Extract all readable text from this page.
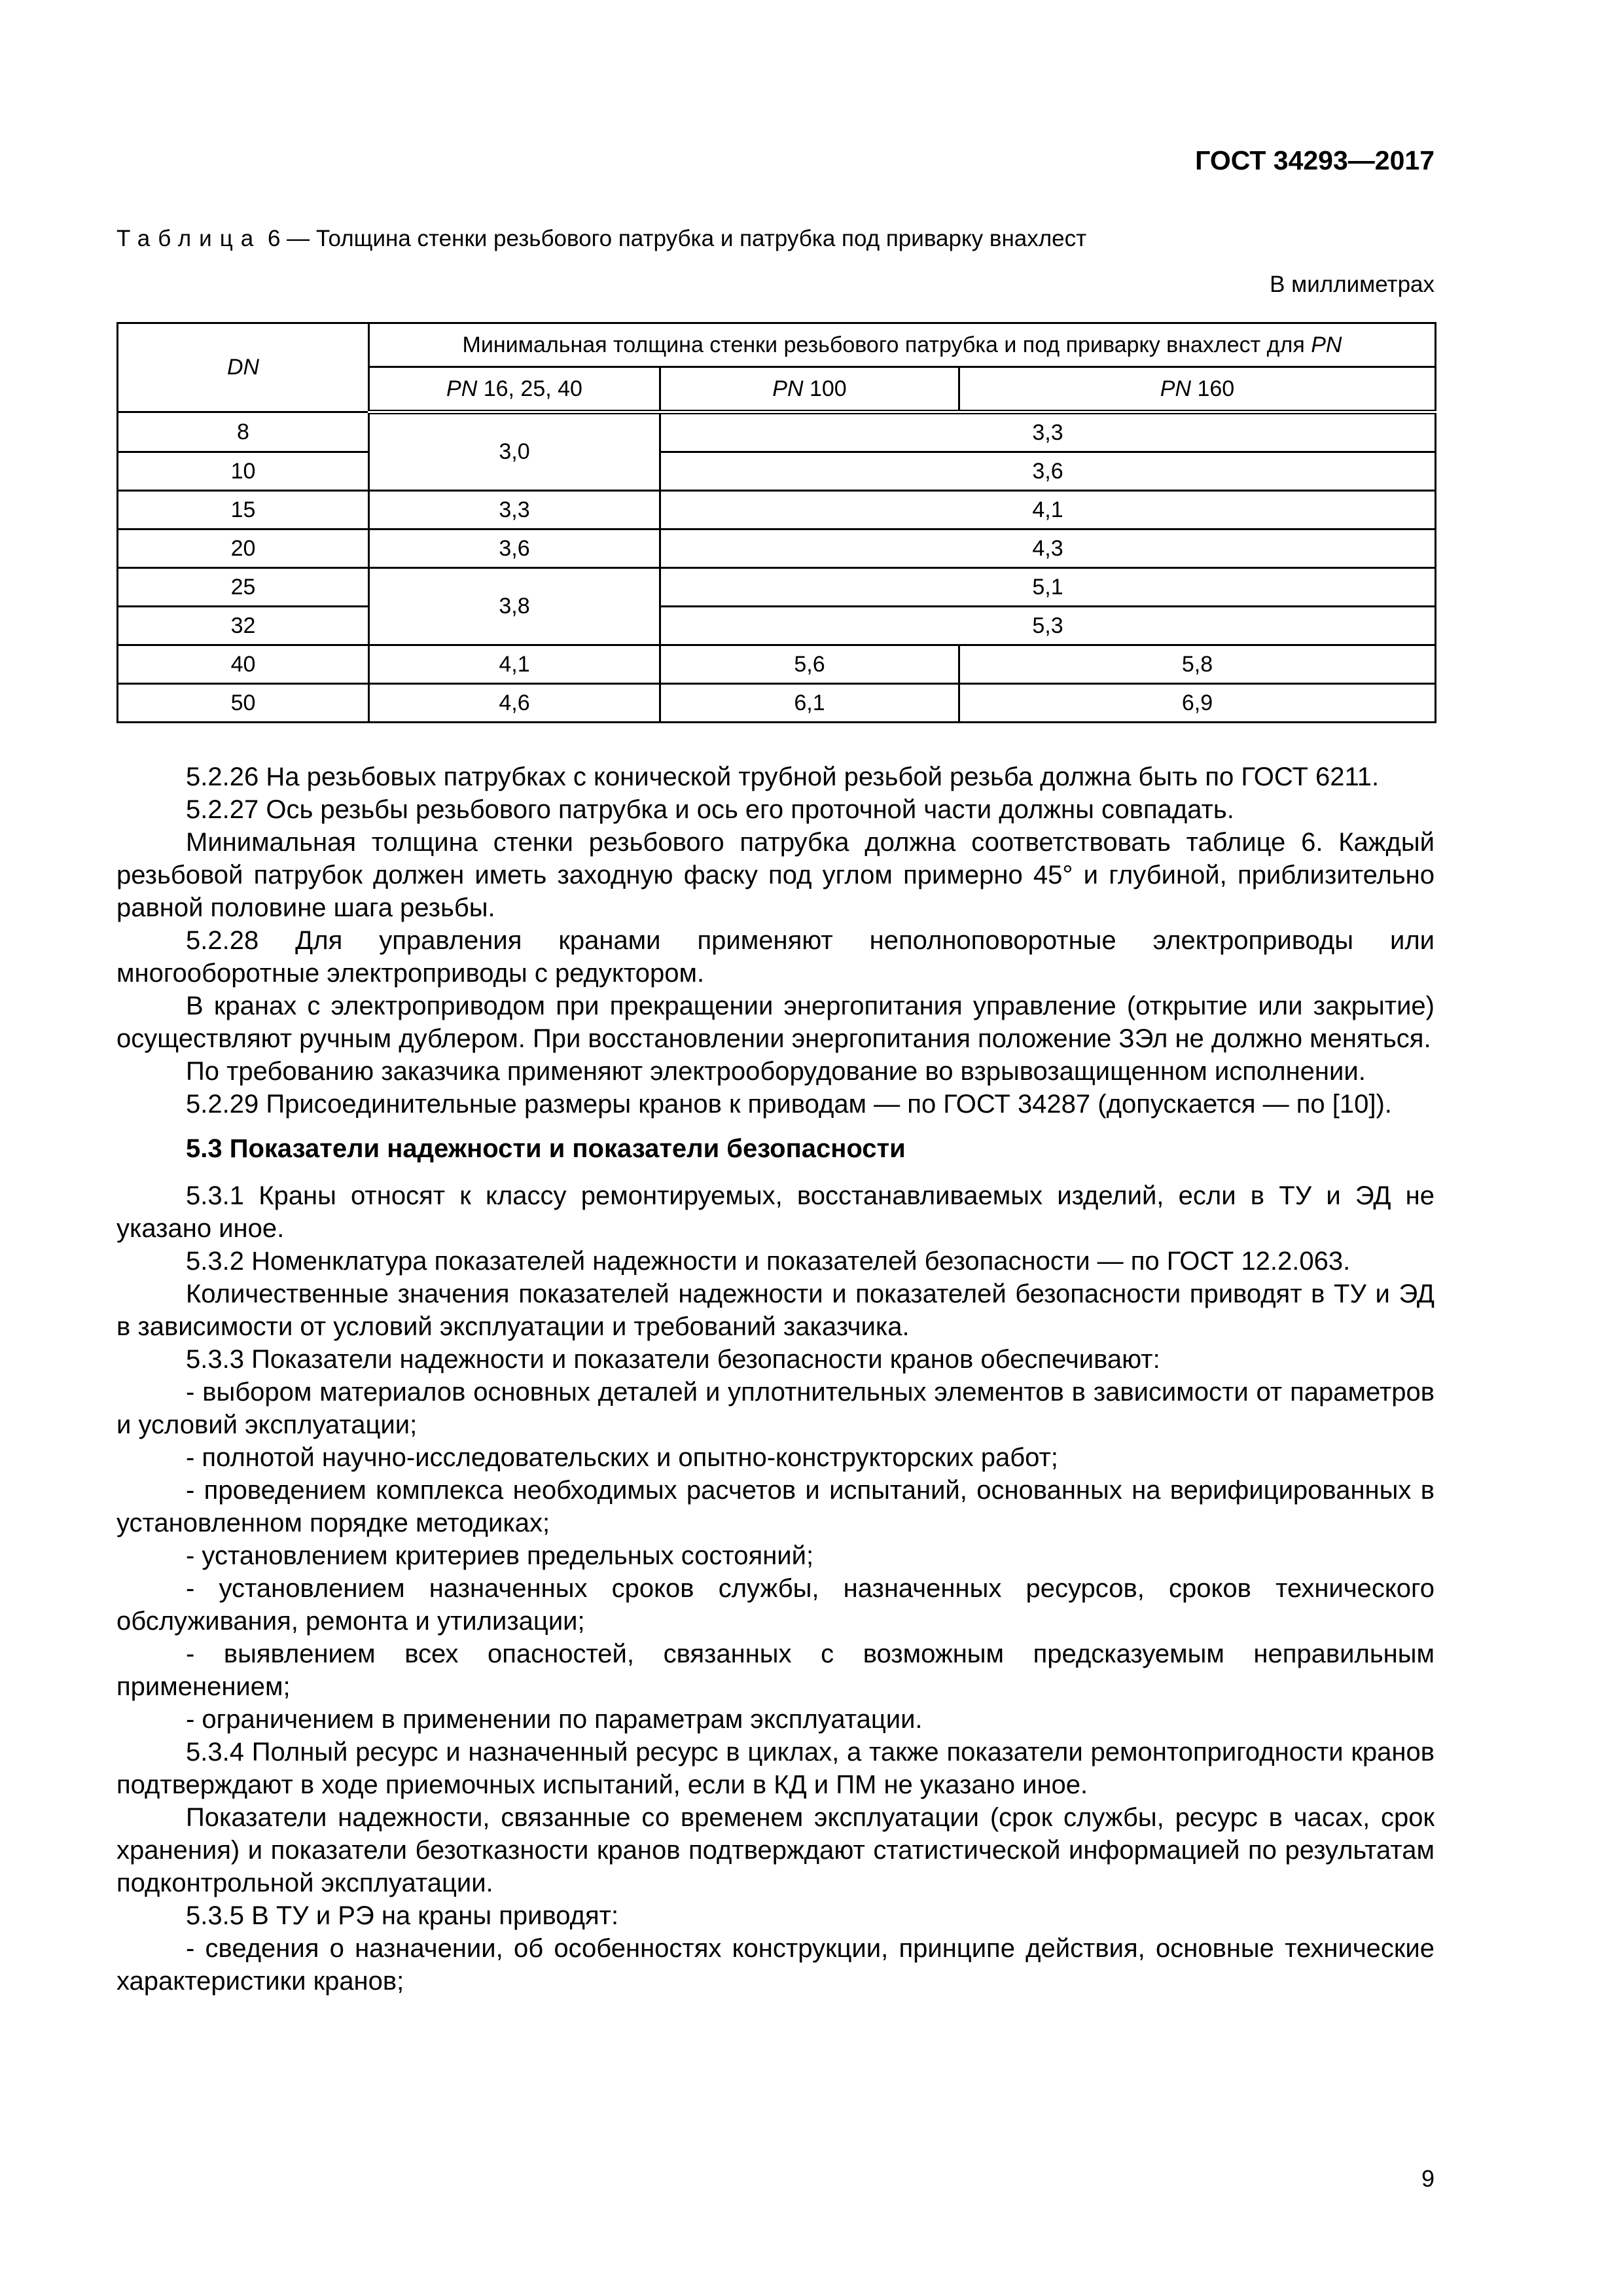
ГОСТ 34293—2017
Таблица 6 — Толщина стенки резьбового патрубка и патрубка под приварку внахлест
В миллиметрах
DN	Минимальная толщина стенки резьбового патрубка и под приварку внахлест для PN		
	PN 16, 25, 40	PN 100	PN 160
8	3,0	3,3	
10		3,6	
15	3,3	4,1	
20	3,6	4,3	
25	3,8	5,1	
32		5,3	
40	4,1	5,6	5,8
50	4,6	6,1	6,9

5.2.26 На резьбовых патрубках с конической трубной резьбой резьба должна быть по ГОСТ 6211.

5.2.27 Ось резьбы резьбового патрубка и ось его проточной части должны совпадать.

Минимальная толщина стенки резьбового патрубка должна соответствовать таблице 6. Каждый резьбовой патрубок должен иметь заходную фаску под углом примерно 45° и глубиной, приблизительно равной половине шага резьбы.

5.2.28 Для управления кранами применяют неполноповоротные электроприводы или многооборотные электроприводы с редуктором.

В кранах с электроприводом при прекращении энергопитания управление (открытие или закрытие) осуществляют ручным дублером. При восстановлении энергопитания положение ЗЭл не должно меняться.

По требованию заказчика применяют электрооборудование во взрывозащищенном исполнении.

5.2.29 Присоединительные размеры кранов к приводам — по ГОСТ 34287 (допускается — по [10]).

5.3 Показатели надежности и показатели безопасности

5.3.1 Краны относят к классу ремонтируемых, восстанавливаемых изделий, если в ТУ и ЭД не указано иное.

5.3.2 Номенклатура показателей надежности и показателей безопасности — по ГОСТ 12.2.063.

Количественные значения показателей надежности и показателей безопасности приводят в ТУ и ЭД в зависимости от условий эксплуатации и требований заказчика.

5.3.3 Показатели надежности и показатели безопасности кранов обеспечивают:

- выбором материалов основных деталей и уплотнительных элементов в зависимости от параметров и условий эксплуатации;

- полнотой научно-исследовательских и опытно-конструкторских работ;

- проведением комплекса необходимых расчетов и испытаний, основанных на верифицированных в установленном порядке методиках;

- установлением критериев предельных состояний;

- установлением назначенных сроков службы, назначенных ресурсов, сроков технического обслуживания, ремонта и утилизации;

- выявлением всех опасностей, связанных с возможным предсказуемым неправильным применением;

- ограничением в применении по параметрам эксплуатации.

5.3.4 Полный ресурс и назначенный ресурс в циклах, а также показатели ремонтопригодности кранов подтверждают в ходе приемочных испытаний, если в КД и ПМ не указано иное.

Показатели надежности, связанные со временем эксплуатации (срок службы, ресурс в часах, срок хранения) и показатели безотказности кранов подтверждают статистической информацией по результатам подконтрольной эксплуатации.

5.3.5 В ТУ и РЭ на краны приводят:

- сведения о назначении, об особенностях конструкции, принципе действия, основные технические характеристики кранов;

9
